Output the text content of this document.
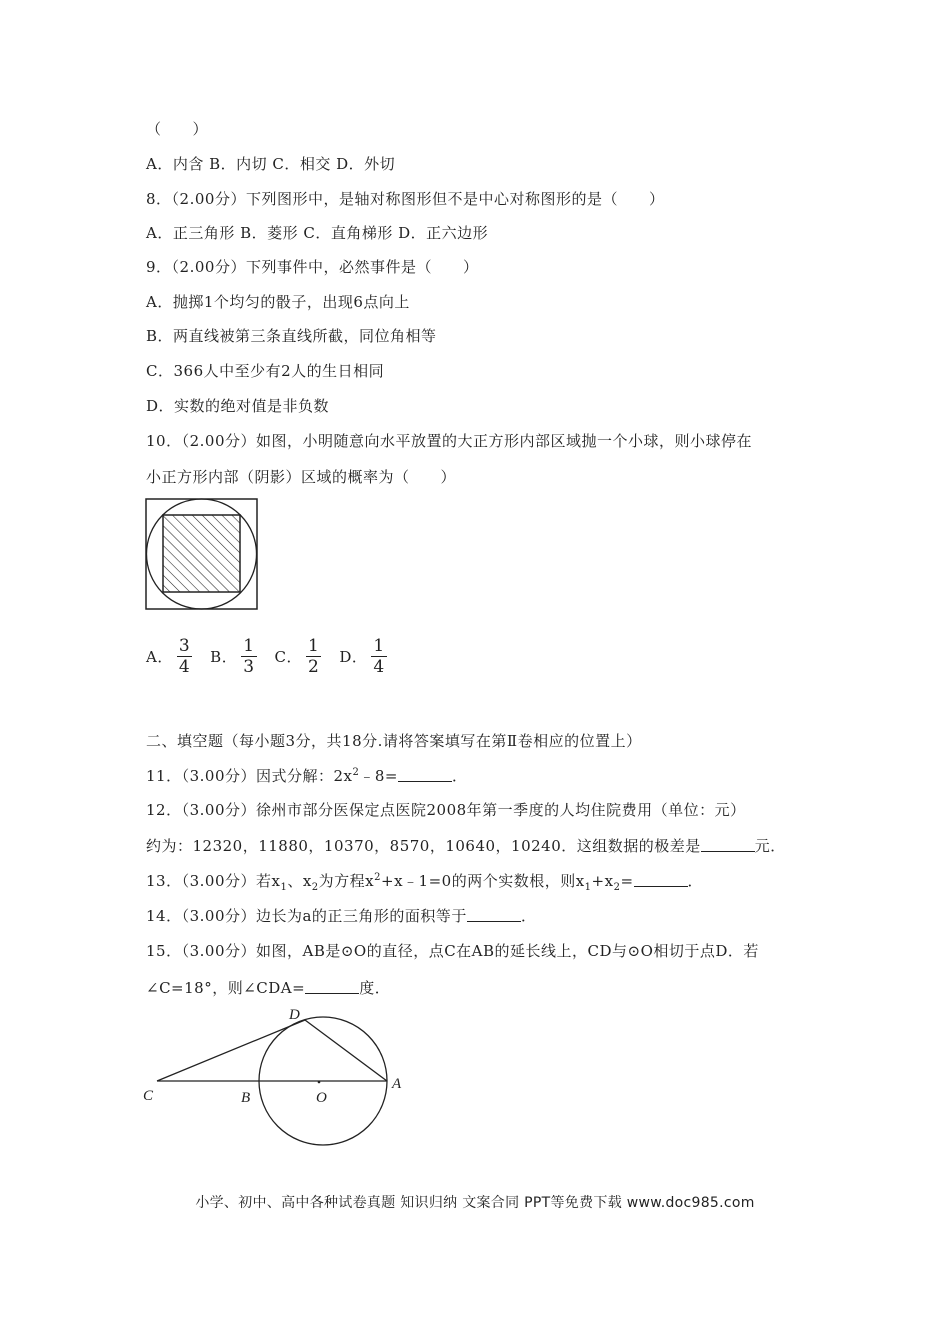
（　　）
A．内含 B．内切 C．相交 D．外切
8．（2.00分）下列图形中，是轴对称图形但不是中心对称图形的是（　　）
A．正三角形 B．菱形 C．直角梯形 D．正六边形
9．（2.00分）下列事件中，必然事件是（　　）
A．抛掷1个均匀的骰子，出现6点向上
B．两直线被第三条直线所截，同位角相等
C．366人中至少有2人的生日相同
D．实数的绝对值是非负数
10．（2.00分）如图，小明随意向水平放置的大正方形内部区域抛一个小球，则小球停在
小正方形内部（阴影）区域的概率为（　　）
A． $\frac{3}{4}$ B． $\frac{1}{3}$ C． $\frac{1}{2}$ D． $\frac{1}{4}$
二、填空题（每小题3分，共18分.请将答案填写在第Ⅱ卷相应的位置上）
11．（3.00分）因式分解：$2x^2﹣8=$	．
12．（3.00分）徐州市部分医保定点医院2008年第一季度的人均住院费用（单位：元）
约为：12320，11880，10370，8570，10640，10240．这组数据的极差是	元．
13．（3.00分）若$x_1$、$x_2$为方程$x^2+x﹣1=0$的两个实数根，则$x_1+x_2=$	．
14．（3.00分）边长为a的正三角形的面积等于	．
15．（3.00分）如图，AB是⊙O的直径，点C在AB的延长线上，CD与⊙O相切于点D．若
∠C=18°，则∠CDA=	度．
C	B	O
A
D
小学、初中、高中各种试卷真题 知识归纳 文案合同 PPT等免费下载 www.doc985.com
